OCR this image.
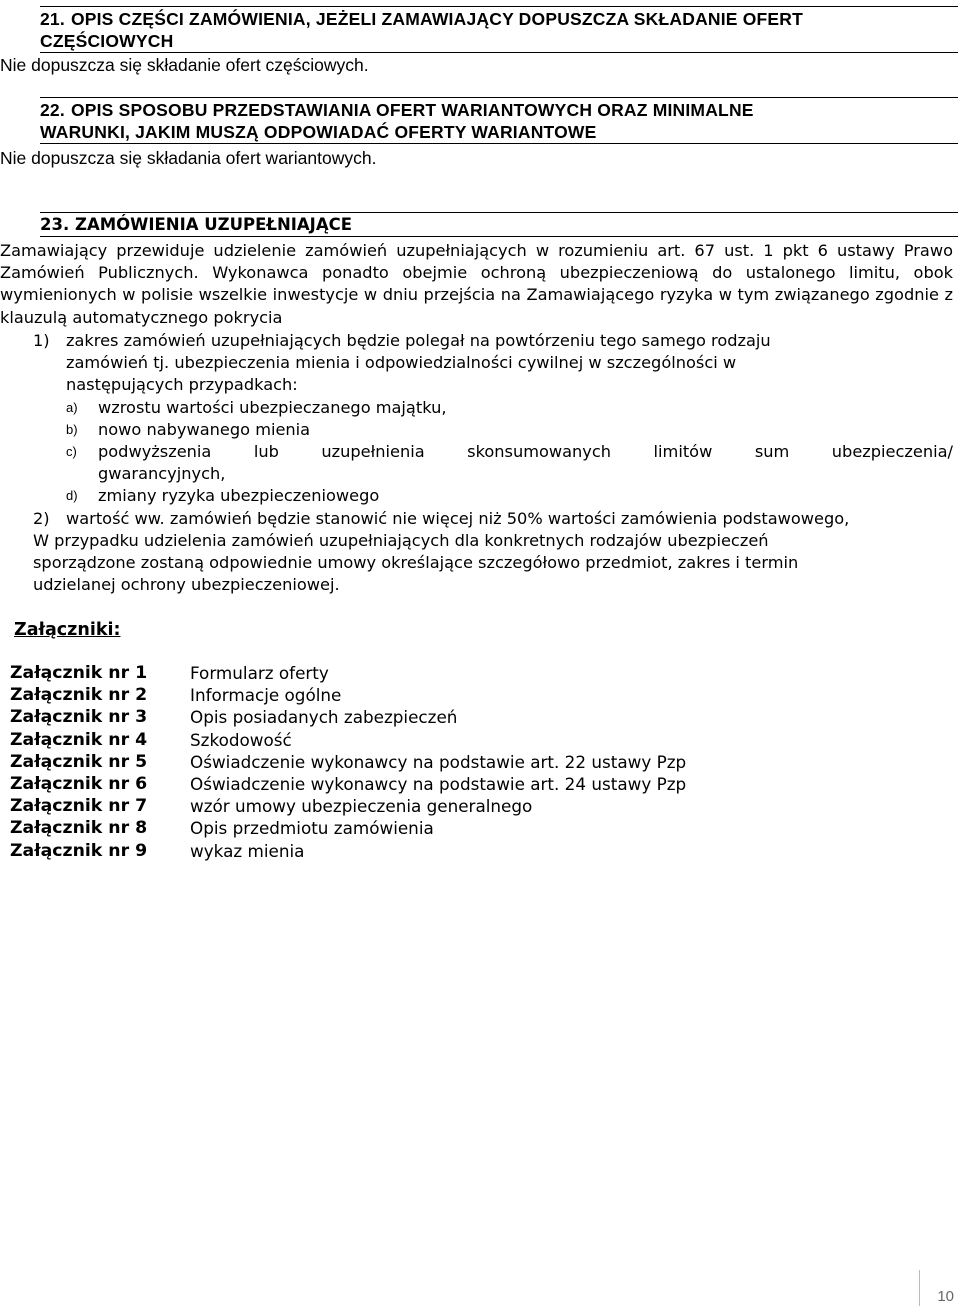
21. OPIS CZĘŚCI ZAMÓWIENIA, JEŻELI ZAMAWIAJĄCY DOPUSZCZA SKŁADANIE OFERT
CZĘŚCIOWYCH
Nie dopuszcza się składanie ofert częściowych.
22. OPIS SPOSOBU PRZEDSTAWIANIA OFERT WARIANTOWYCH ORAZ MINIMALNE
WARUNKI, JAKIM MUSZĄ ODPOWIADAĆ OFERTY WARIANTOWE
Nie dopuszcza się składania ofert wariantowych.
23. ZAMÓWIENIA UZUPEŁNIAJĄCE
Zamawiający przewiduje udzielenie zamówień uzupełniających w rozumieniu art. 67 ust. 1 pkt 6 ustawy Prawo Zamówień Publicznych. Wykonawca ponadto obejmie ochroną ubezpieczeniową do ustalonego limitu, obok wymienionych w polisie wszelkie inwestycje w dniu przejścia na Zamawiającego ryzyka w tym związanego zgodnie z klauzulą automatycznego pokrycia
1) zakres zamówień uzupełniających będzie polegał na powtórzeniu tego samego rodzaju
zamówień tj. ubezpieczenia mienia i odpowiedzialności cywilnej w szczególności w
następujących przypadkach:
a) wzrostu wartości ubezpieczanego majątku,
b) nowo nabywanego mienia
c) podwyższenia lub uzupełnienia skonsumowanych limitów sum ubezpieczenia/
gwarancyjnych,
d) zmiany ryzyka ubezpieczeniowego
2) wartość ww. zamówień będzie stanowić nie więcej niż 50% wartości zamówienia podstawowego,
W przypadku udzielenia zamówień uzupełniających dla konkretnych rodzajów ubezpieczeń
sporządzone zostaną odpowiednie umowy określające szczegółowo przedmiot, zakres i termin
udzielanej ochrony ubezpieczeniowej.
Załączniki:
Załącznik nr 1	Formularz oferty
Załącznik nr 2	Informacje ogólne
Załącznik nr 3	Opis posiadanych zabezpieczeń
Załącznik nr 4	Szkodowość
Załącznik nr 5	Oświadczenie wykonawcy na podstawie art. 22 ustawy Pzp
Załącznik nr 6	Oświadczenie wykonawcy na podstawie art. 24 ustawy Pzp
Załącznik nr 7	wzór umowy ubezpieczenia generalnego
Załącznik nr 8	Opis przedmiotu zamówienia
Załącznik nr 9	wykaz mienia
10
